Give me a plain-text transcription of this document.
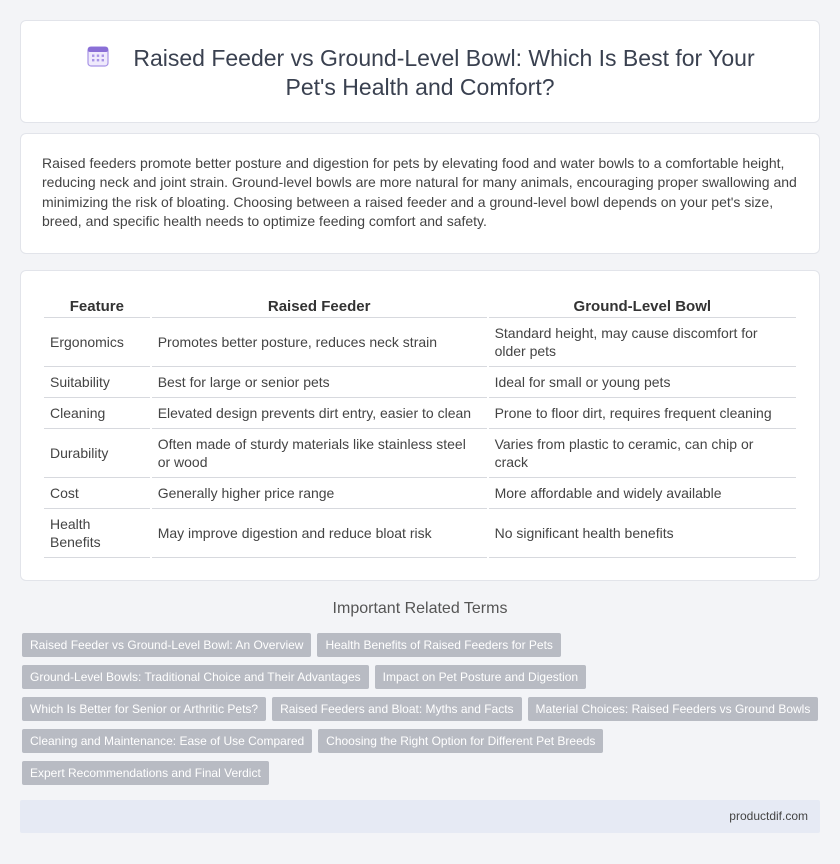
Raised Feeder vs Ground-Level Bowl: Which Is Best for Your Pet's Health and Comfort?

Raised feeders promote better posture and digestion for pets by elevating food and water bowls to a comfortable height, reducing neck and joint strain. Ground-level bowls are more natural for many animals, encouraging proper swallowing and minimizing the risk of bloating. Choosing between a raised feeder and a ground-level bowl depends on your pet's size, breed, and specific health needs to optimize feeding comfort and safety.

Feature	Raised Feeder	Ground-Level Bowl
Ergonomics	Promotes better posture, reduces neck strain	Standard height, may cause discomfort for older pets
Suitability	Best for large or senior pets	Ideal for small or young pets
Cleaning	Elevated design prevents dirt entry, easier to clean	Prone to floor dirt, requires frequent cleaning
Durability	Often made of sturdy materials like stainless steel or wood	Varies from plastic to ceramic, can chip or crack
Cost	Generally higher price range	More affordable and widely available
Health Benefits	May improve digestion and reduce bloat risk	No significant health benefits
Important Related Terms
Raised Feeder vs Ground-Level Bowl: An Overview	Health Benefits of Raised Feeders for Pets
Ground-Level Bowls: Traditional Choice and Their Advantages	Impact on Pet Posture and Digestion
Which Is Better for Senior or Arthritic Pets?	Raised Feeders and Bloat: Myths and Facts	Material Choices: Raised Feeders vs Ground Bowls
Cleaning and Maintenance: Ease of Use Compared	Choosing the Right Option for Different Pet Breeds
Expert Recommendations and Final Verdict
productdif.com
